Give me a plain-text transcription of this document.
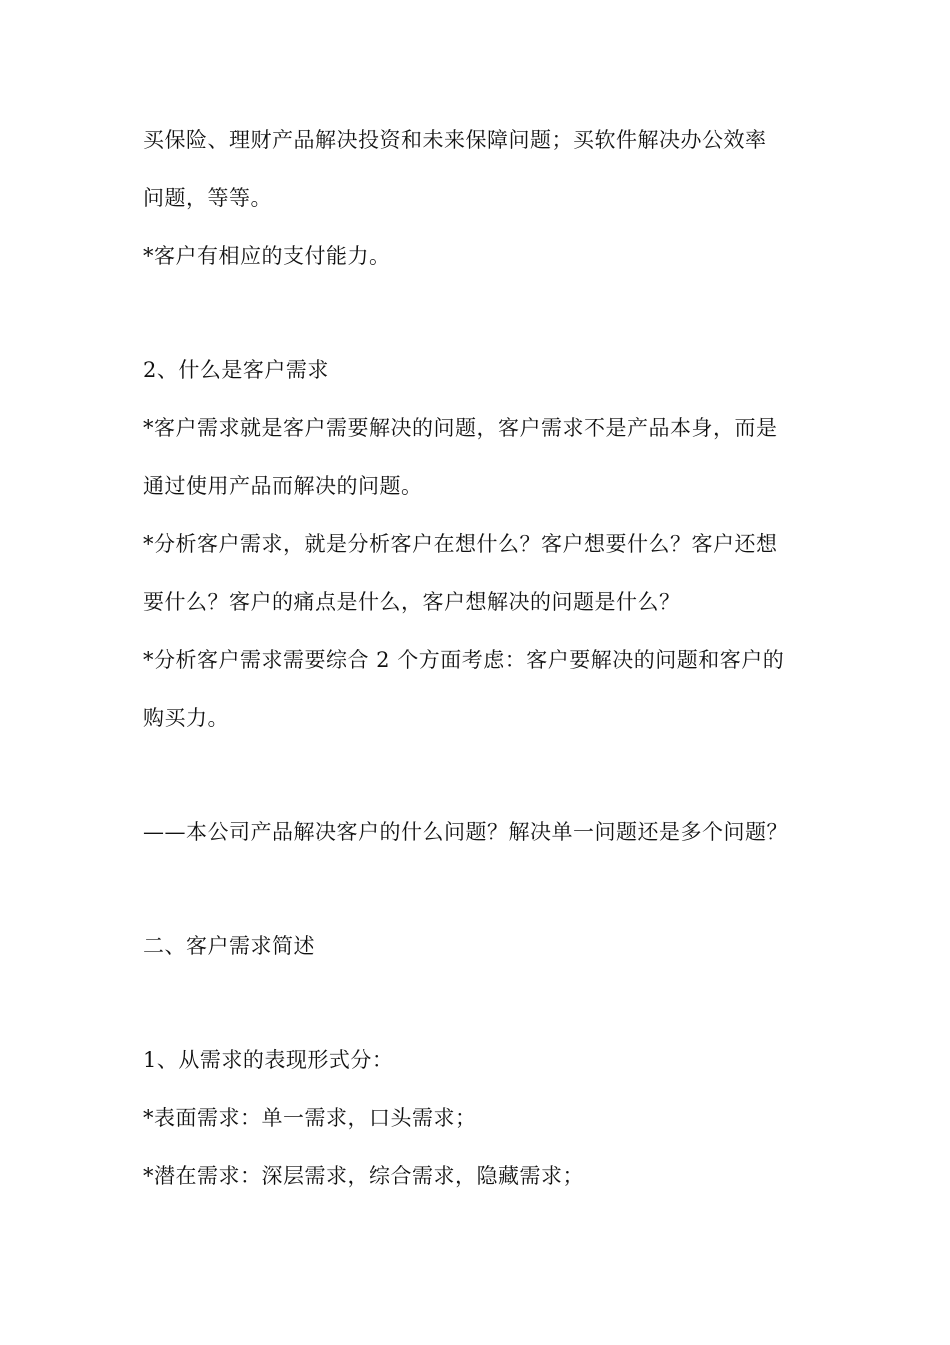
买保险、理财产品解决投资和未来保障问题；买软件解决办公效率
问题，等等。
*客户有相应的支付能力。
2、什么是客户需求
*客户需求就是客户需要解决的问题，客户需求不是产品本身，而是
通过使用产品而解决的问题。
*分析客户需求，就是分析客户在想什么？客户想要什么？客户还想
要什么？客户的痛点是什么，客户想解决的问题是什么？
*分析客户需求需要综合 2 个方面考虑：客户要解决的问题和客户的
购买力。
——本公司产品解决客户的什么问题？解决单一问题还是多个问题？
二、客户需求简述
1、从需求的表现形式分：
*表面需求：单一需求，口头需求；
*潜在需求：深层需求，综合需求，隐藏需求；
